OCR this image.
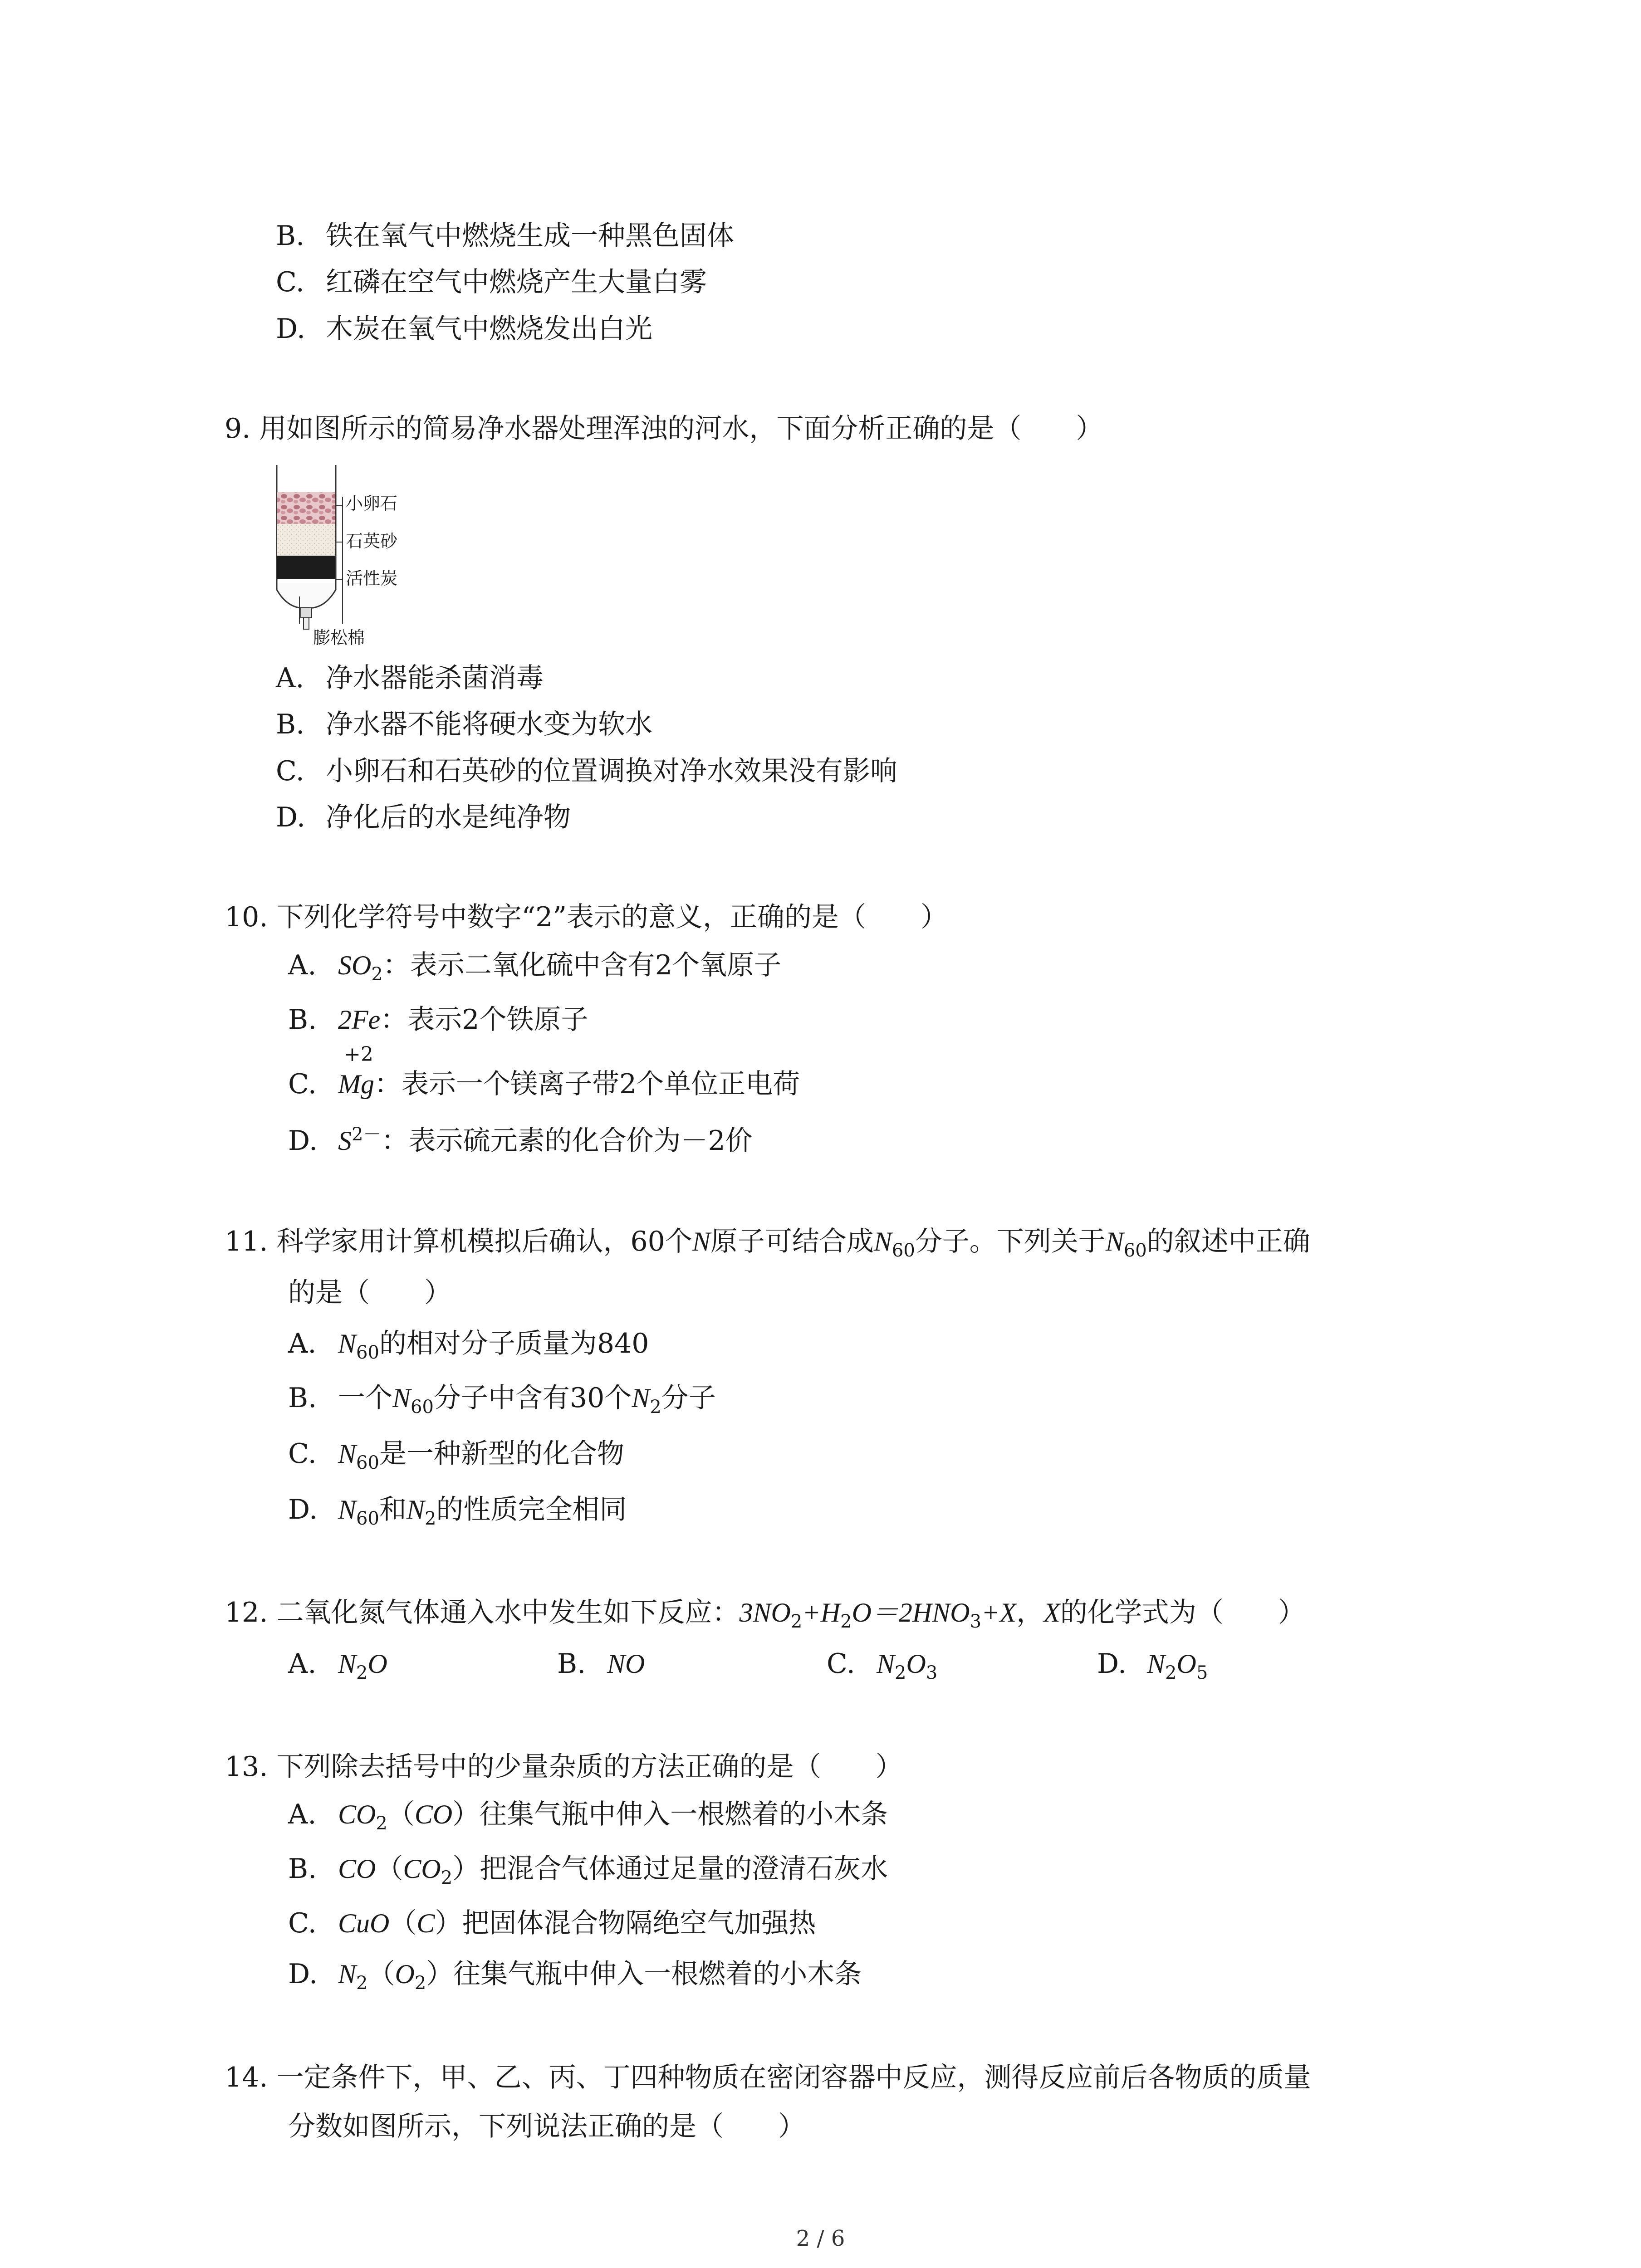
B. 铁在氧气中燃烧生成一种黑色固体
C. 红磷在空气中燃烧产生大量白雾
D. 木炭在氧气中燃烧发出白光
9. 用如图所示的简易净水器处理浑浊的河水，下面分析正确的是（　　）
小卵石
石英砂
活性炭
膨松棉
A. 净水器能杀菌消毒
B. 净水器不能将硬水变为软水
C. 小卵石和石英砂的位置调换对净水效果没有影响
D. 净化后的水是纯净物
10. 下列化学符号中数字“2”表示的意义，正确的是（　　）
A. $SO_2$：表示二氧化硫中含有2个氧原子
B. 2Fe：表示2个铁原子
+2
C. Mg：表示一个镁离子带2个单位正电荷
D. $S^{2-}$：表示硫元素的化合价为－2价
11. 科学家用计算机模拟后确认，60个N原子可结合成$N_{60}$分子。下列关于$N_{60}$的叙述中正确
的是（　　）
A. $N_{60}$的相对分子质量为840
B. 一个$N_{60}$分子中含有30个$N_2$分子
C. $N_{60}$是一种新型的化合物
D. $N_{60}$和$N_2$的性质完全相同
12. 二氧化氮气体通入水中发生如下反应：$3NO_2+H_2O=2HNO_3+X$，X的化学式为（　　）
A. $N_2O$	B. NO	C. $N_2O_3$	D. $N_2O_5$
13. 下列除去括号中的少量杂质的方法正确的是（　　）
A. $CO_2(CO)$往集气瓶中伸入一根燃着的小木条
B. $CO(CO_2)$把混合气体通过足量的澄清石灰水
C. CuO（C）把固体混合物隔绝空气加强热
D. $N_2(O_2)$往集气瓶中伸入一根燃着的小木条
14. 一定条件下，甲、乙、丙、丁四种物质在密闭容器中反应，测得反应前后各物质的质量
分数如图所示，下列说法正确的是（　　）
2 / 6
